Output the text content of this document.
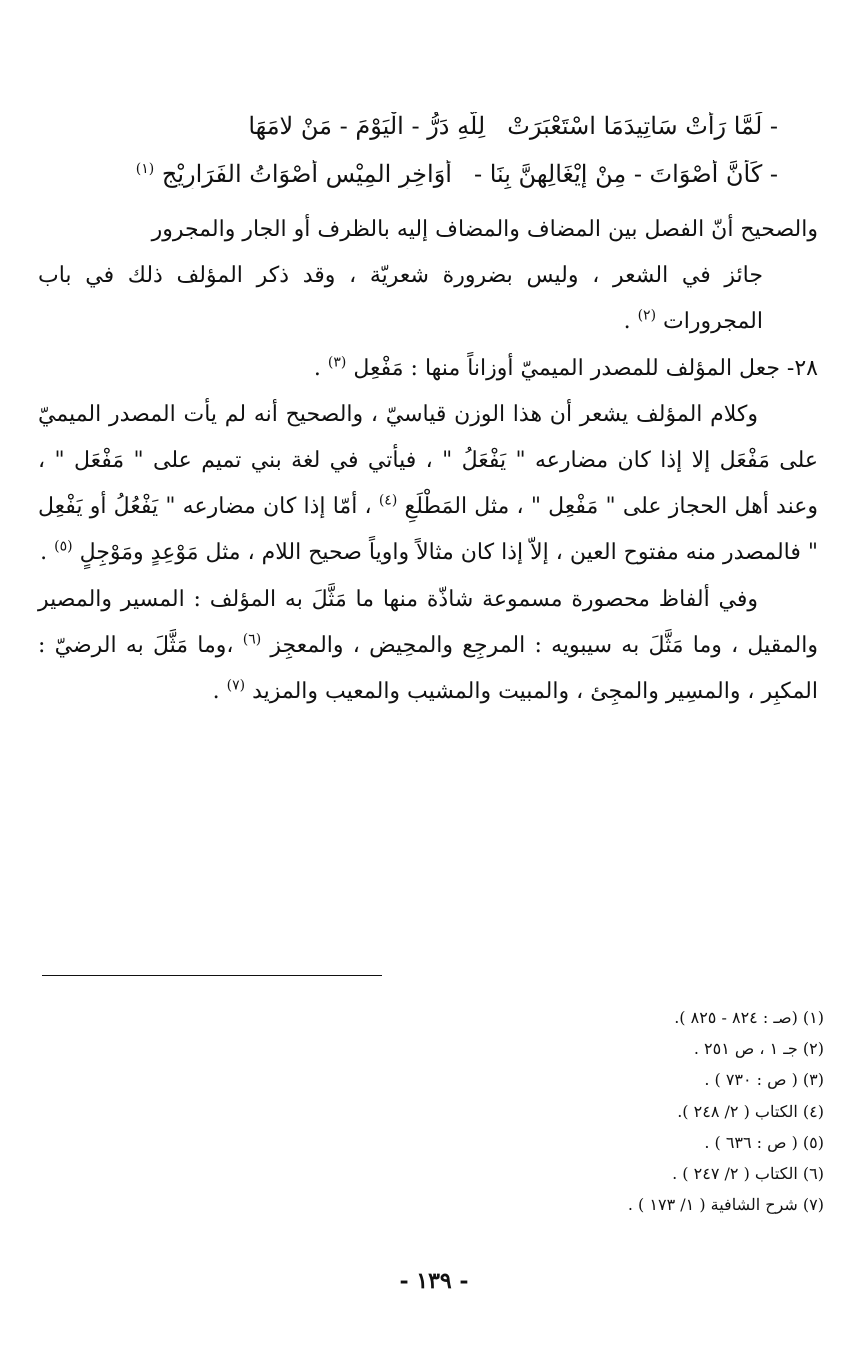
- لَمَّا رَأَتْ سَاتِيدَمَا اسْتَعْبَرَتْلِلّهِ دَرُّ - الْيَوْمَ - مَنْ لامَهَا
- كَأَنَّ أَصْوَاتَ - مِنْ إِيْغَالِهِنَّ بِنَا -أَوَاخِرِ المِيْسِ أَصْوَاتُ الفَرَارِيْجِ $^{(١)}$

والصحيح أنّ الفصل بين المضاف والمضاف إليه بالظرف أو الجار والمجرور

جائز في الشعر ، وليس بضرورة شعريّة ، وقد ذكر المؤلف ذلك في باب المجرورات $^{(٢)}$ .

٢٨- جعل المؤلف للمصدر الميميّ أوزاناً منها : مَفْعِل $^{(٣)}$ .

وكلام المؤلف يشعر أن هذا الوزن قياسيّ ، والصحيح أنه لم يأت المصدر الميميّ على مَفْعَل إلا إذا كان مضارعه " يَفْعَلُ " ، فيأتي في لغة بني تميم على " مَفْعَل " ، وعند أهل الحجاز على " مَفْعِل " ، مثل المَطْلَعِ $^{(٤)}$ ، أمّا إذا كان مضارعه " يَفْعُلُ أو يَفْعِل " فالمصدر منه مفتوح العين ، إلاّ إذا كان مثالاً واوياً صحيح اللام ، مثل مَوْعِدٍ ومَوْجِلٍ $^{(٥)}$ .

وفي ألفاظ محصورة مسموعة شاذّة منها ما مَثَّلَ به المؤلف : المسير والمصير والمقيل ، وما مَثَّلَ به سيبويه : المرجِع والمحِيض ، والمعجِز $^{(٦)}$ ،وما مَثَّلَ به الرضيّ : المكبِر ، والمسِير والمجِئ ، والمبيت والمشيب والمعيب والمزيد $^{(٧)}$ .

(١) (صـ : ٨٢٤ - ٨٢٥ ).
(٢) جـ ١ ، ص ٢٥١ .
(٣) ( ص : ٧٣٠ ) .
(٤) الكتاب ( ٢/ ٢٤٨ ).
(٥) ( ص : ٦٣٦ ) .
(٦) الكتاب ( ٢/ ٢٤٧ ) .
(٧) شرح الشافية ( ١/ ١٧٣ ) .
- ١٣٩ -
